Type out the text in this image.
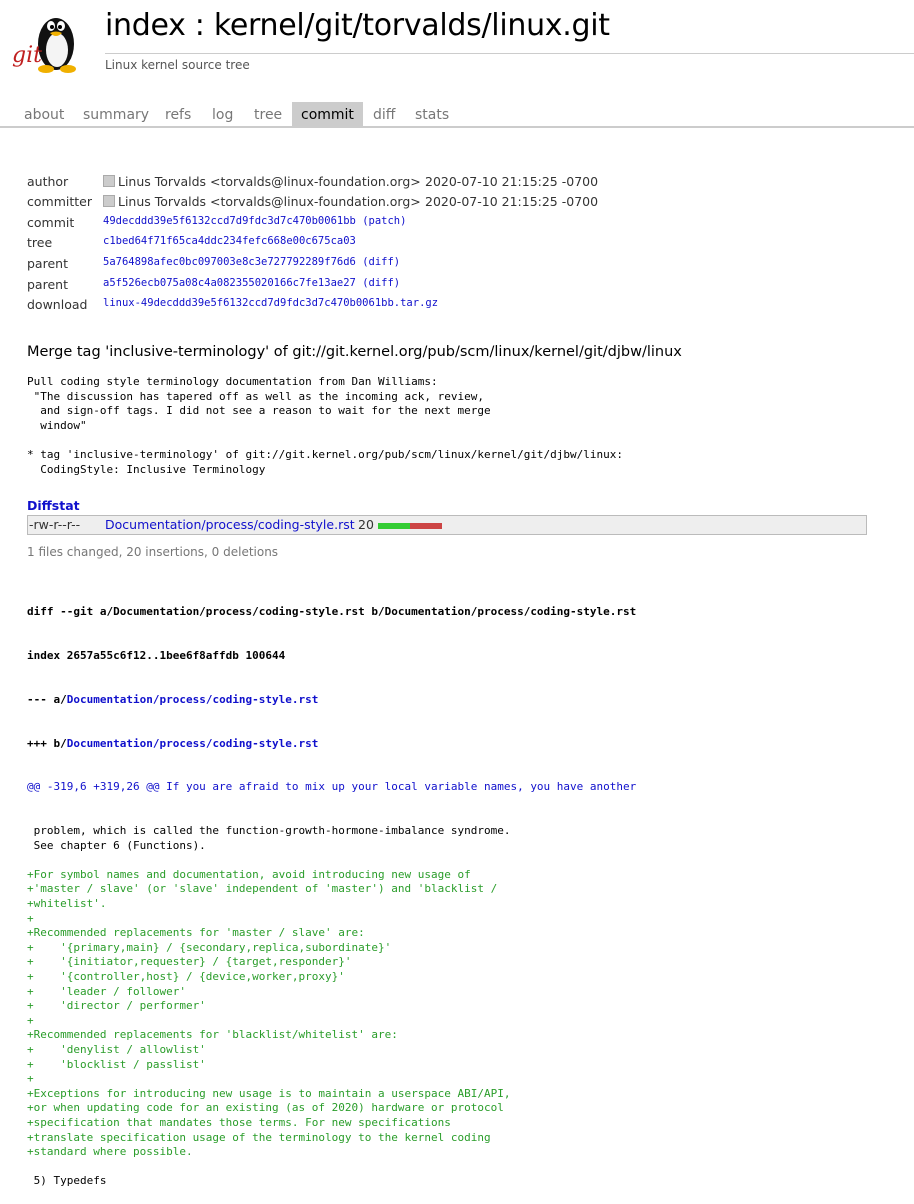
git
index : kernel/git/torvalds/linux.git
Linux kernel source tree
about	summary	refs	log	tree	commit	diff	stats
author	Linus Torvalds <torvalds@linux-foundation.org> 2020-07-10 21:15:25 -0700
committer	Linus Torvalds <torvalds@linux-foundation.org> 2020-07-10 21:15:25 -0700
commit	49decddd39e5f6132ccd7d9fdc3d7c470b0061bb (patch)
tree	c1bed64f71f65ca4ddc234fefc668e00c675ca03
parent	5a764898afec0bc097003e8c3e727792289f76d6 (diff)
parent	a5f526ecb075a08c4a082355020166c7fe13ae27 (diff)
download linux-49decddd39e5f6132ccd7d9fdc3d7c470b0061bb.tar.gz
Merge tag 'inclusive-terminology' of git://git.kernel.org/pub/scm/linux/kernel/git/djbw/linux
Pull coding style terminology documentation from Dan Williams:
"The discussion has tapered off as well as the incoming ack, review,
and sign-off tags. I did not see a reason to wait for the next merge
window"

* tag 'inclusive-terminology' of git://git.kernel.org/pub/scm/linux/kernel/git/djbw/linux:
CodingStyle: Inclusive Terminology
Diffstat
-rw-r--r-- Documentation/process/coding-style.rst 20
1 files changed, 20 insertions, 0 deletions

diff --git a/Documentation/process/coding-style.rst b/Documentation/process/coding-style.rst

index 2657a55c6f12..1bee6f8affdb 100644

--- a/Documentation/process/coding-style.rst

+++ b/Documentation/process/coding-style.rst

@@ -319,6 +319,26 @@ If you are afraid to mix up your local variable names, you have another

problem, which is called the function-growth-hormone-imbalance syndrome.
See chapter 6 (Functions).

+For symbol names and documentation, avoid introducing new usage of
+'master / slave' (or 'slave' independent of 'master') and 'blacklist /
+whitelist'.
+
+Recommended replacements for 'master / slave' are:
+    '{primary,main} / {secondary,replica,subordinate}'
+    '{initiator,requester} / {target,responder}'
+    '{controller,host} / {device,worker,proxy}'
+    'leader / follower'
+    'director / performer'
+
+Recommended replacements for 'blacklist/whitelist' are:
+    'denylist / allowlist'
+    'blocklist / passlist'
+
+Exceptions for introducing new usage is to maintain a userspace ABI/API,
+or when updating code for an existing (as of 2020) hardware or protocol
+specification that mandates those terms. For new specifications
+translate specification usage of the terminology to the kernel coding
+standard where possible.

5) Typedefs
